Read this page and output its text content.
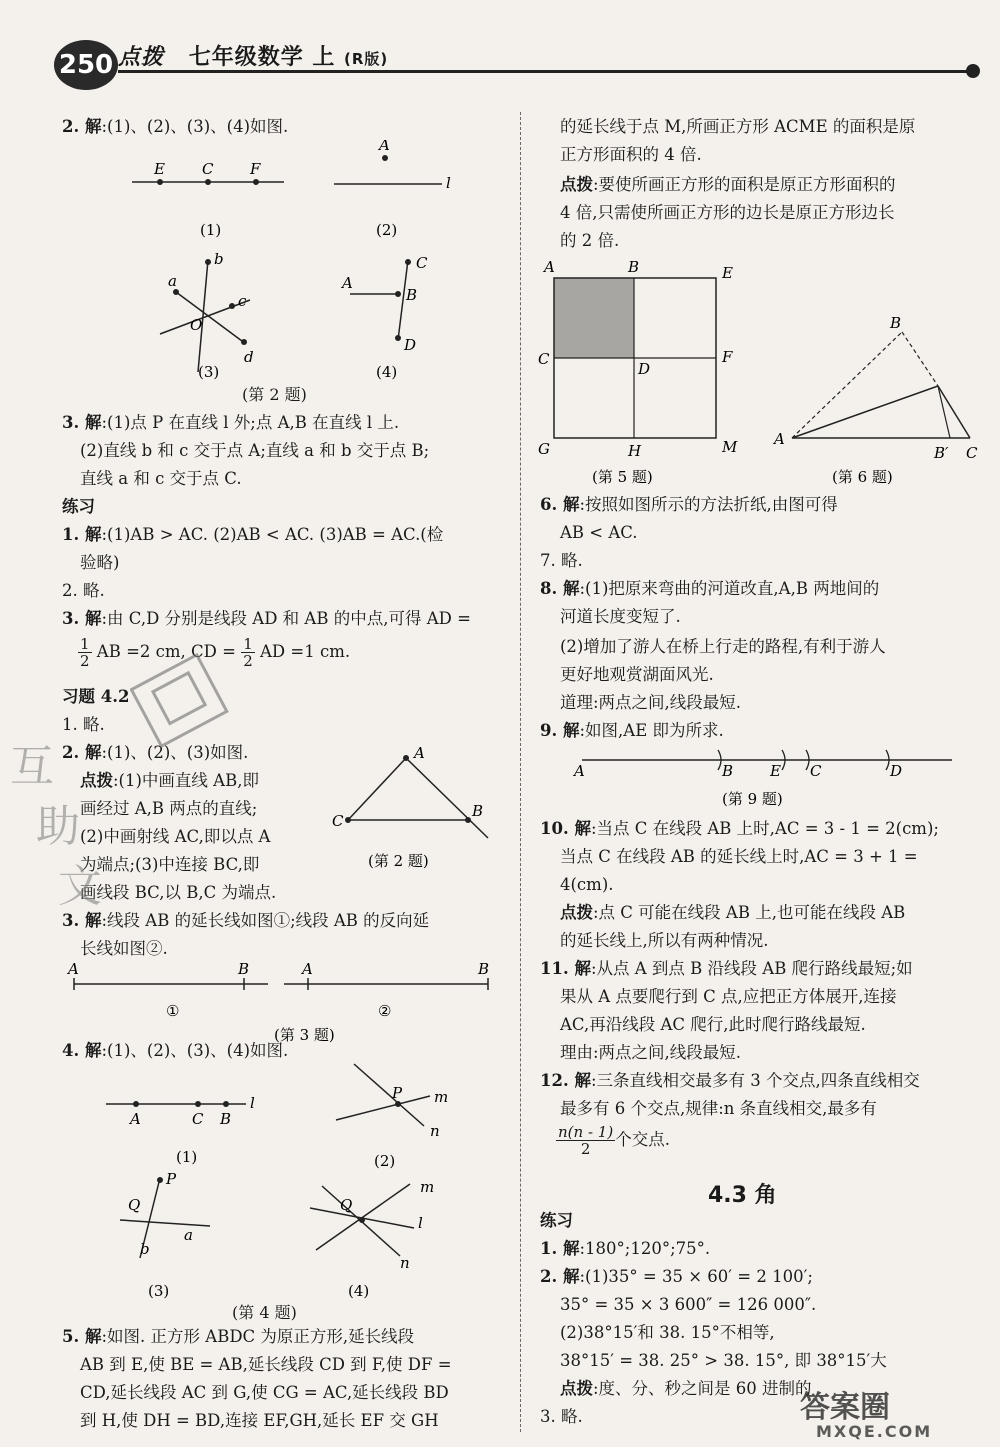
250 点拨 七年级数学 上 (R版)
2. 解:(1)、(2)、(3)、(4)如图.
E C F
(1)
A
l
(2)
b
a
c
O
d
(3)
A
C
B
D
(4)
(第 2 题)
3. 解:(1)点 P 在直线 l 外;点 A,B 在直线 l 上.
(2)直线 b 和 c 交于点 A;直线 a 和 b 交于点 B;
直线 a 和 c 交于点 C.
练习
1. 解:(1)AB > AC. (2)AB < AC. (3)AB = AC.(检
验略)
2. 略.
3. 解:由 C,D 分别是线段 AD 和 AB 的中点,可得 AD =
$\frac{1}{2}$ AB =2 cm, CD = $\frac{1}{2}$ AD =1 cm.
习题 4.2
1. 略.
2. 解:(1)、(2)、(3)如图.
点拨:(1)中画直线 AB,即
画经过 A,B 两点的直线;
(2)中画射线 AC,即以点 A
为端点;(3)中连接 BC,即
画线段 BC,以 B,C 为端点.
A
C
B
(第 2 题)
3. 解:线段 AB 的延长线如图①;线段 AB 的反向延
长线如图②.
A	B
①
A	B
②
(第 3 题)
4. 解:(1)、(2)、(3)、(4)如图.
A	C B
l
(1)
P m
n
(2)
P
Q
a
b
(3)
m
Q
l
n
(4)
(第 4 题)
5. 解:如图. 正方形 ABDC 为原正方形,延长线段
AB 到 E,使 BE = AB,延长线段 CD 到 F,使 DF =
CD,延长线段 AC 到 G,使 CG = AC,延长线段 BD
到 H,使 DH = BD,连接 EF,GH,延长 EF 交 GH
的延长线于点 M,所画正方形 ACME 的面积是原
正方形面积的 4 倍.
点拨:要使所画正方形的面积是原正方形面积的
4 倍,只需使所画正方形的边长是原正方形边长
的 2 倍.
A	B	E
C
D
F
G	H	M
(第 5 题)
B
A
B′ C
(第 6 题)
6. 解:按照如图所示的方法折纸,由图可得
AB < AC.
7. 略.
8. 解:(1)把原来弯曲的河道改直,A,B 两地间的
河道长度变短了.
(2)增加了游人在桥上行走的路程,有利于游人
更好地观赏湖面风光.
道理:两点之间,线段最短.
9. 解:如图,AE 即为所求.
A	B E C	D
(第 9 题)
10. 解:当点 C 在线段 AB 上时,AC = 3 - 1 = 2(cm);
当点 C 在线段 AB 的延长线上时,AC = 3 + 1 =
4(cm).
点拨:点 C 可能在线段 AB 上,也可能在线段 AB
的延长线上,所以有两种情况.
11. 解:从点 A 到点 B 沿线段 AB 爬行路线最短;如
果从 A 点要爬行到 C 点,应把正方体展开,连接
AC,再沿线段 AC 爬行,此时爬行路线最短.
理由:两点之间,线段最短.
12. 解:三条直线相交最多有 3 个交点,四条直线相交
最多有 6 个交点,规律:n 条直线相交,最多有
$\frac{n(n - 1)}{2}$ 个交点.
4.3 角
练习
1. 解:180°;120°;75°.
2. 解:(1)35° = 35 × 60′ = 2 100′;
35° = 35 × 3 600″ = 126 000″.
(2)38°15′和 38. 15°不相等,
38°15′ = 38. 25° > 38. 15°, 即 38°15′大
点拨:度、分、秒之间是 60 进制的
3. 略.
互
助
文
答案圈
MXQE.COM
